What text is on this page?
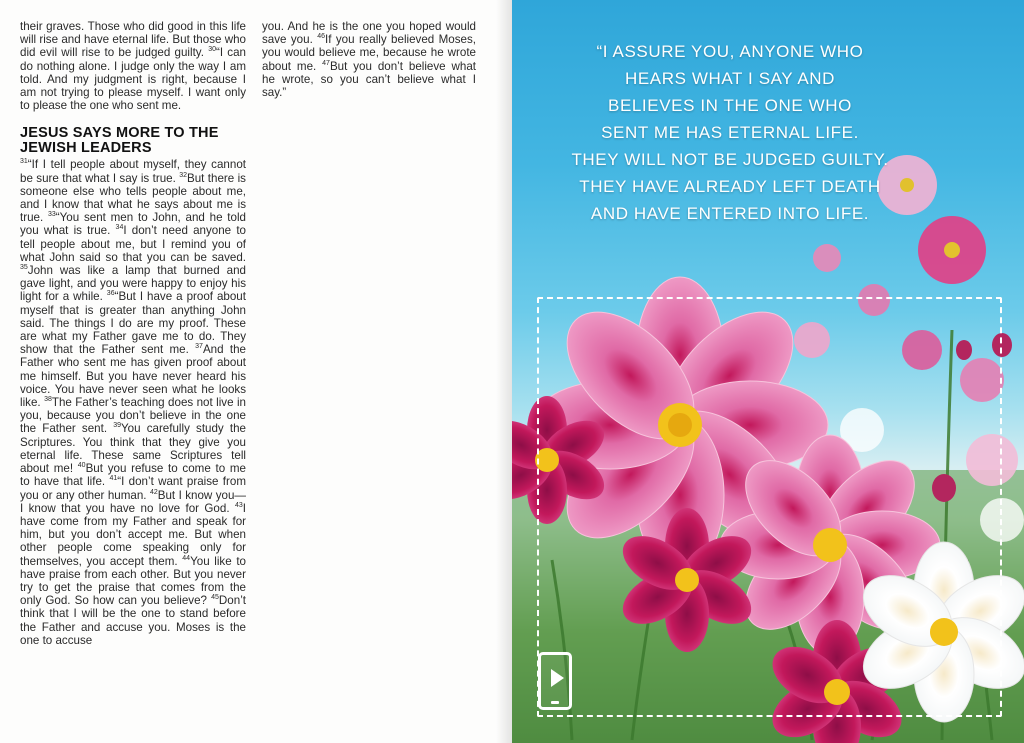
their graves. Those who did good in this life will rise and have eternal life. But those who did evil will rise to be judged guilty. $^{30}$“I can do nothing alone. I judge only the way I am told. And my judgment is right, because I am not trying to please myself. I want only to please the one who sent me.

JESUS SAYS MORE TO THE JEWISH LEADERS

$^{31}$“If I tell people about myself, they cannot be sure that what I say is true. $^{32}$But there is someone else who tells people about me, and I know that what he says about me is true. $^{33}$“You sent men to John, and he told you what is true. $^{34}$I don’t need anyone to tell people about me, but I remind you of what John said so that you can be saved. $^{35}$John was like a lamp that burned and gave light, and you were happy to enjoy his light for a while. $^{36}$“But I have a proof about myself that is greater than anything John said. The things I do are my proof. These are what my Father gave me to do. They show that the Father sent me. $^{37}$And the Father who sent me has given proof about me himself. But you have never heard his voice. You have never seen what he looks like. $^{38}$The Father’s teaching does not live in you, because you don’t believe in the one the Father sent. $^{39}$You carefully study the Scriptures. You think that they give you eternal life. These same Scriptures tell about me! $^{40}$But you refuse to come to me to have that life. $^{41}$“I don’t want praise from you or any other human. $^{42}$But I know you—I know that you have no love for God. $^{43}$I have come from my Father and speak for him, but you don’t accept me. But when other people come speaking only for themselves, you accept them. $^{44}$You like to have praise from each other. But you never try to get the praise that comes from the only God. So how can you believe? $^{45}$Don’t think that I will be the one to stand before the Father and accuse you. Moses is the one to accuse

you. And he is the one you hoped would save you. $^{46}$If you really believed Moses, you would believe me, because he wrote about me. $^{47}$But you don’t believe what he wrote, so you can’t believe what I say.”

“I ASSURE YOU, ANYONE WHO
HEARS WHAT I SAY AND
BELIEVES IN THE ONE WHO
SENT ME HAS ETERNAL LIFE.
THEY WILL NOT BE JUDGED GUILTY.
THEY HAVE ALREADY LEFT DEATH
AND HAVE ENTERED INTO LIFE.
